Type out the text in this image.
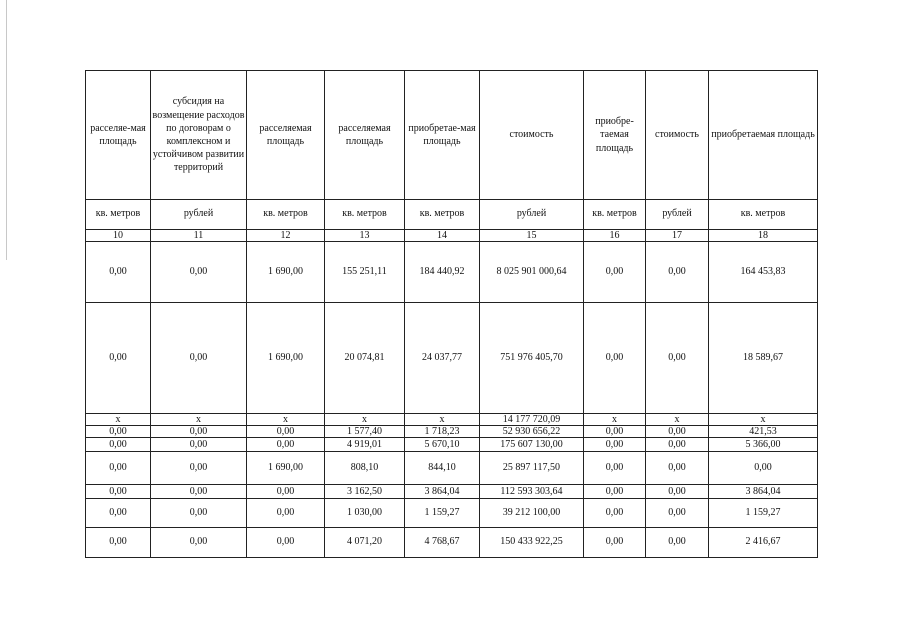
расселяе-мая площадь	субсидия на возмещение расходов по договорам о комплексном и устойчивом развитии территорий	расселяемая площадь	расселяемая площадь	приобретае-мая площадь	стоимость	приобре-таемая площадь	стоимость	приобретаемая площадь
кв. метров	рублей	кв. метров	кв. метров	кв. метров	рублей	кв. метров	рублей	кв. метров
10	11	12	13	14	15	16	17	18
0,00	0,00	1 690,00	155 251,11	184 440,92	8 025 901 000,64	0,00	0,00	164 453,83
0,00	0,00	1 690,00	20 074,81	24 037,77	751 976 405,70	0,00	0,00	18 589,67
х	х	х	х	х	14 177 720,09	х	х	х
0,00	0,00	0,00	1 577,40	1 718,23	52 930 656,22	0,00	0,00	421,53
0,00	0,00	0,00	4 919,01	5 670,10	175 607 130,00	0,00	0,00	5 366,00
0,00	0,00	1 690,00	808,10	844,10	25 897 117,50	0,00	0,00	0,00
0,00	0,00	0,00	3 162,50	3 864,04	112 593 303,64	0,00	0,00	3 864,04
0,00	0,00	0,00	1 030,00	1 159,27	39 212 100,00	0,00	0,00	1 159,27
0,00	0,00	0,00	4 071,20	4 768,67	150 433 922,25	0,00	0,00	2 416,67
